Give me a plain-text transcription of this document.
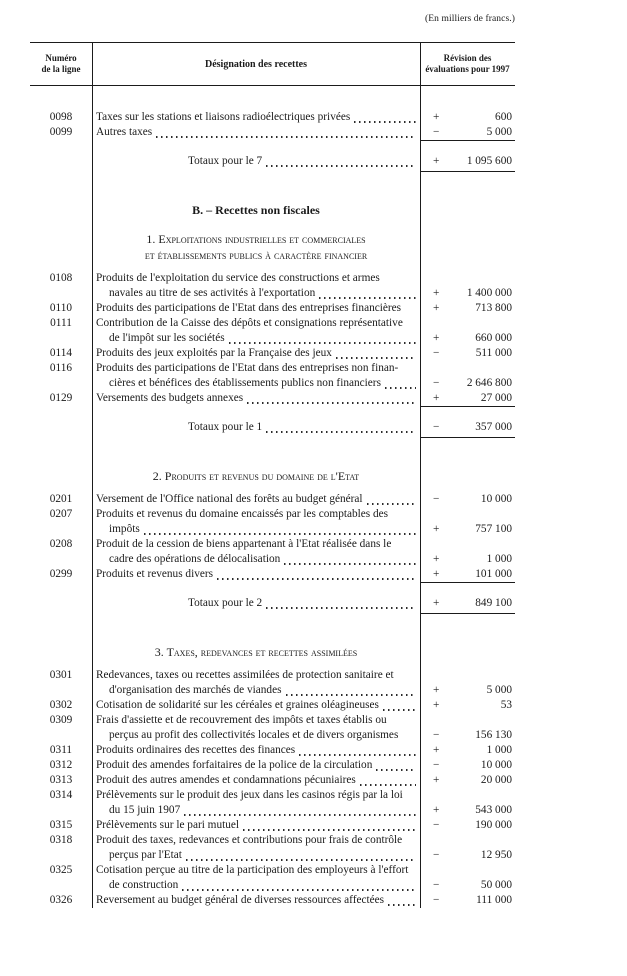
(En milliers de francs.)
Numéro
de la ligne	Désignation des recettes
Révision des
évaluations pour 1997
0098	Taxes sur les stations et liaisons radioélectriques privées	+	600
0099	Autres taxes	−	5 000
Totaux pour le 7	+ 1 095 600
B. – Recettes non fiscales
1. Exploitations industrielles et commerciales
et établissements publics à caractère financier
0108	Produits de l'exploitation du service des constructions et armes
navales au titre de ses activités à l'exportation	+ 1 400 000
0110	Produits des participations de l'Etat dans des entreprises financières	+	713 800
0111	Contribution de la Caisse des dépôts et consignations représentative
de l'impôt sur les sociétés	+	660 000
0114	Produits des jeux exploités par la Française des jeux	−	511 000
0116	Produits des participations de l'Etat dans des entreprises non finan-
cières et bénéfices des établissements publics non financiers	− 2 646 800
0129	Versements des budgets annexes	+	27 000
Totaux pour le 1	−	357 000
2. Produits et revenus du domaine de l'Etat
0201	Versement de l'Office national des forêts au budget général	−	10 000
0207	Produits et revenus du domaine encaissés par les comptables des
impôts	+	757 100
0208	Produit de la cession de biens appartenant à l'Etat réalisée dans le
cadre des opérations de délocalisation	+	1 000
0299	Produits et revenus divers	+	101 000
Totaux pour le 2	+	849 100
3. Taxes, redevances et recettes assimilées
0301	Redevances, taxes ou recettes assimilées de protection sanitaire et
d'organisation des marchés de viandes	+	5 000
0302	Cotisation de solidarité sur les céréales et graines oléagineuses	+	53
0309	Frais d'assiette et de recouvrement des impôts et taxes établis ou
perçus au profit des collectivités locales et de divers organismes	−	156 130
0311	Produits ordinaires des recettes des finances	+	1 000
0312	Produit des amendes forfaitaires de la police de la circulation	−	10 000
0313	Produit des autres amendes et condamnations pécuniaires	+	20 000
0314	Prélèvements sur le produit des jeux dans les casinos régis par la loi
du 15 juin 1907	+	543 000
0315	Prélèvements sur le pari mutuel	−	190 000
0318	Produit des taxes, redevances et contributions pour frais de contrôle
perçus par l'Etat	−	12 950
0325	Cotisation perçue au titre de la participation des employeurs à l'effort
de construction	−	50 000
0326	Reversement au budget général de diverses ressources affectées	−	111 000
